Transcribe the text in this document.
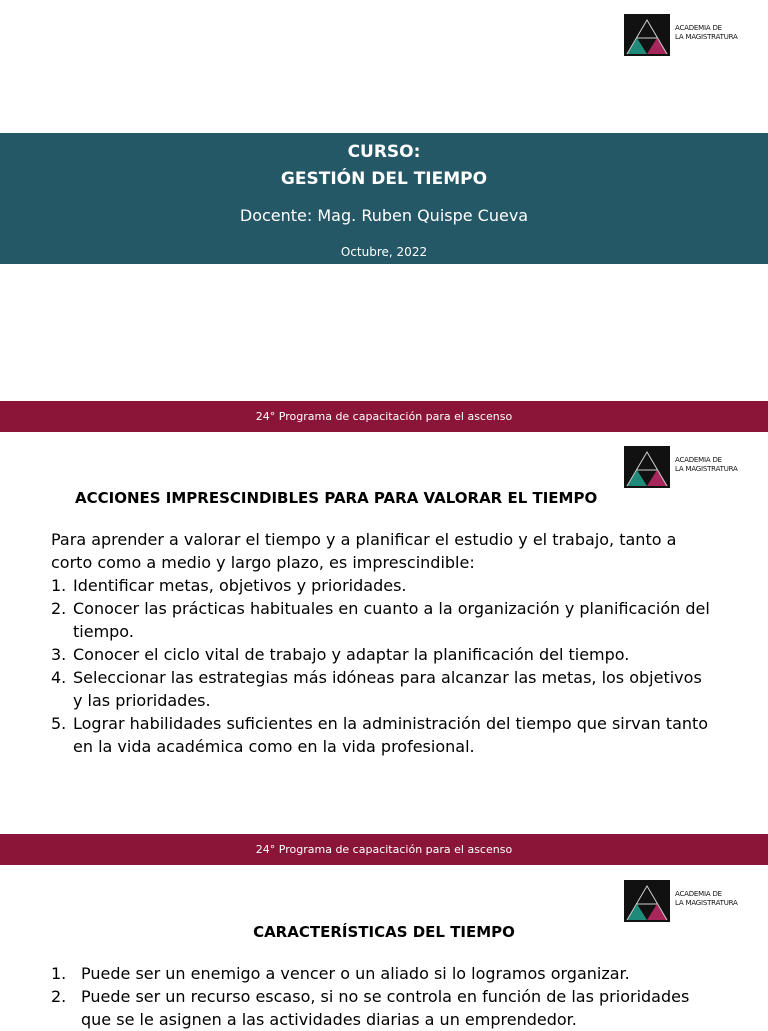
ACADEMIA DE
LA MAGISTRATURA
CURSO:
GESTIÓN DEL TIEMPO
Docente: Mag. Ruben Quispe Cueva
Octubre, 2022
24° Programa de capacitación para el ascenso
ACADEMIA DE
LA MAGISTRATURA
ACCIONES IMPRESCINDIBLES PARA PARA VALORAR EL TIEMPO
Para aprender a valorar el tiempo y a planificar el estudio y el trabajo, tanto a corto como a medio y largo plazo, es imprescindible:
1. Identificar metas, objetivos y prioridades.
2. Conocer las prácticas habituales en cuanto a la organización y planificación del tiempo.
3. Conocer el ciclo vital de trabajo y adaptar la planificación del tiempo.
4. Seleccionar las estrategias más idóneas para alcanzar las metas, los objetivos y las prioridades.
5. Lograr habilidades suficientes en la administración del tiempo que sirvan tanto en la vida académica como en la vida profesional.
24° Programa de capacitación para el ascenso
ACADEMIA DE
LA MAGISTRATURA
CARACTERÍSTICAS DEL TIEMPO
1. Puede ser un enemigo a vencer o un aliado si lo logramos organizar.
2. Puede ser un recurso escaso, si no se controla en función de las prioridades que se le asignen a las actividades diarias a un emprendedor.
